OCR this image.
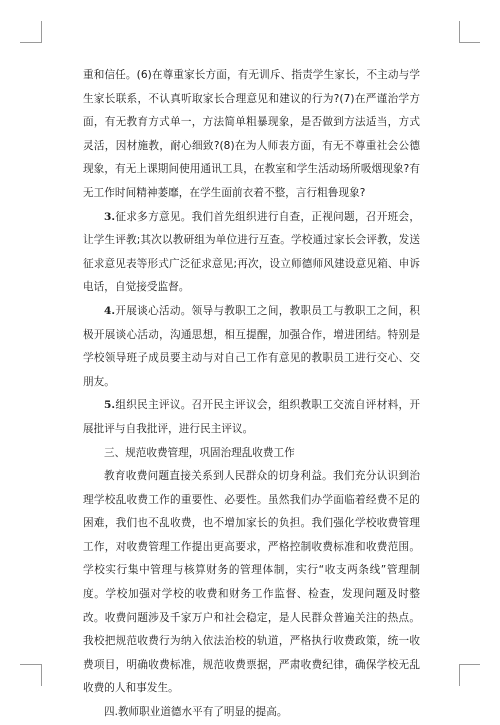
重和信任。(6)在尊重家长方面，有无训斥、指责学生家长，不主动与学生家长联系，不认真听取家长合理意见和建议的行为?(7)在严谨治学方面，有无教育方式单一，方法简单粗暴现象，是否做到方法适当，方式灵活，因材施教，耐心细致?(8)在为人师表方面，有无不尊重社会公德现象，有无上课期间使用通讯工具，在教室和学生活动场所吸烟现象?有无工作时间精神萎靡，在学生面前衣着不整，言行粗鲁现象?

3.征求多方意见。我们首先组织进行自查，正视问题，召开班会，让学生评教;其次以教研组为单位进行互查。学校通过家长会评教，发送征求意见表等形式广泛征求意见;再次，设立师德师风建设意见箱、申诉电话，自觉接受监督。

4.开展谈心活动。领导与教职工之间，教职员工与教职工之间，积极开展谈心活动，沟通思想，相互提醒，加强合作，增进团结。特别是学校领导班子成员要主动与对自己工作有意见的教职员工进行交心、交朋友。

5.组织民主评议。召开民主评议会，组织教职工交流自评材料，开展批评与自我批评，进行民主评议。

三、规范收费管理，巩固治理乱收费工作

教育收费问题直接关系到人民群众的切身利益。我们充分认识到治理学校乱收费工作的重要性、必要性。虽然我们办学面临着经费不足的困难，我们也不乱收费，也不增加家长的负担。我们强化学校收费管理工作，对收费管理工作提出更高要求，严格控制收费标准和收费范围。学校实行集中管理与核算财务的管理体制，实行“收支两条线”管理制度。学校加强对学校的收费和财务工作监督、检查，发现问题及时整改。收费问题涉及千家万户和社会稳定，是人民群众普遍关注的热点。我校把规范收费行为纳入依法治校的轨道，严格执行收费政策，统一收费项目，明确收费标准，规范收费票据，严肃收费纪律，确保学校无乱收费的人和事发生。

四.教师职业道德水平有了明显的提高。
